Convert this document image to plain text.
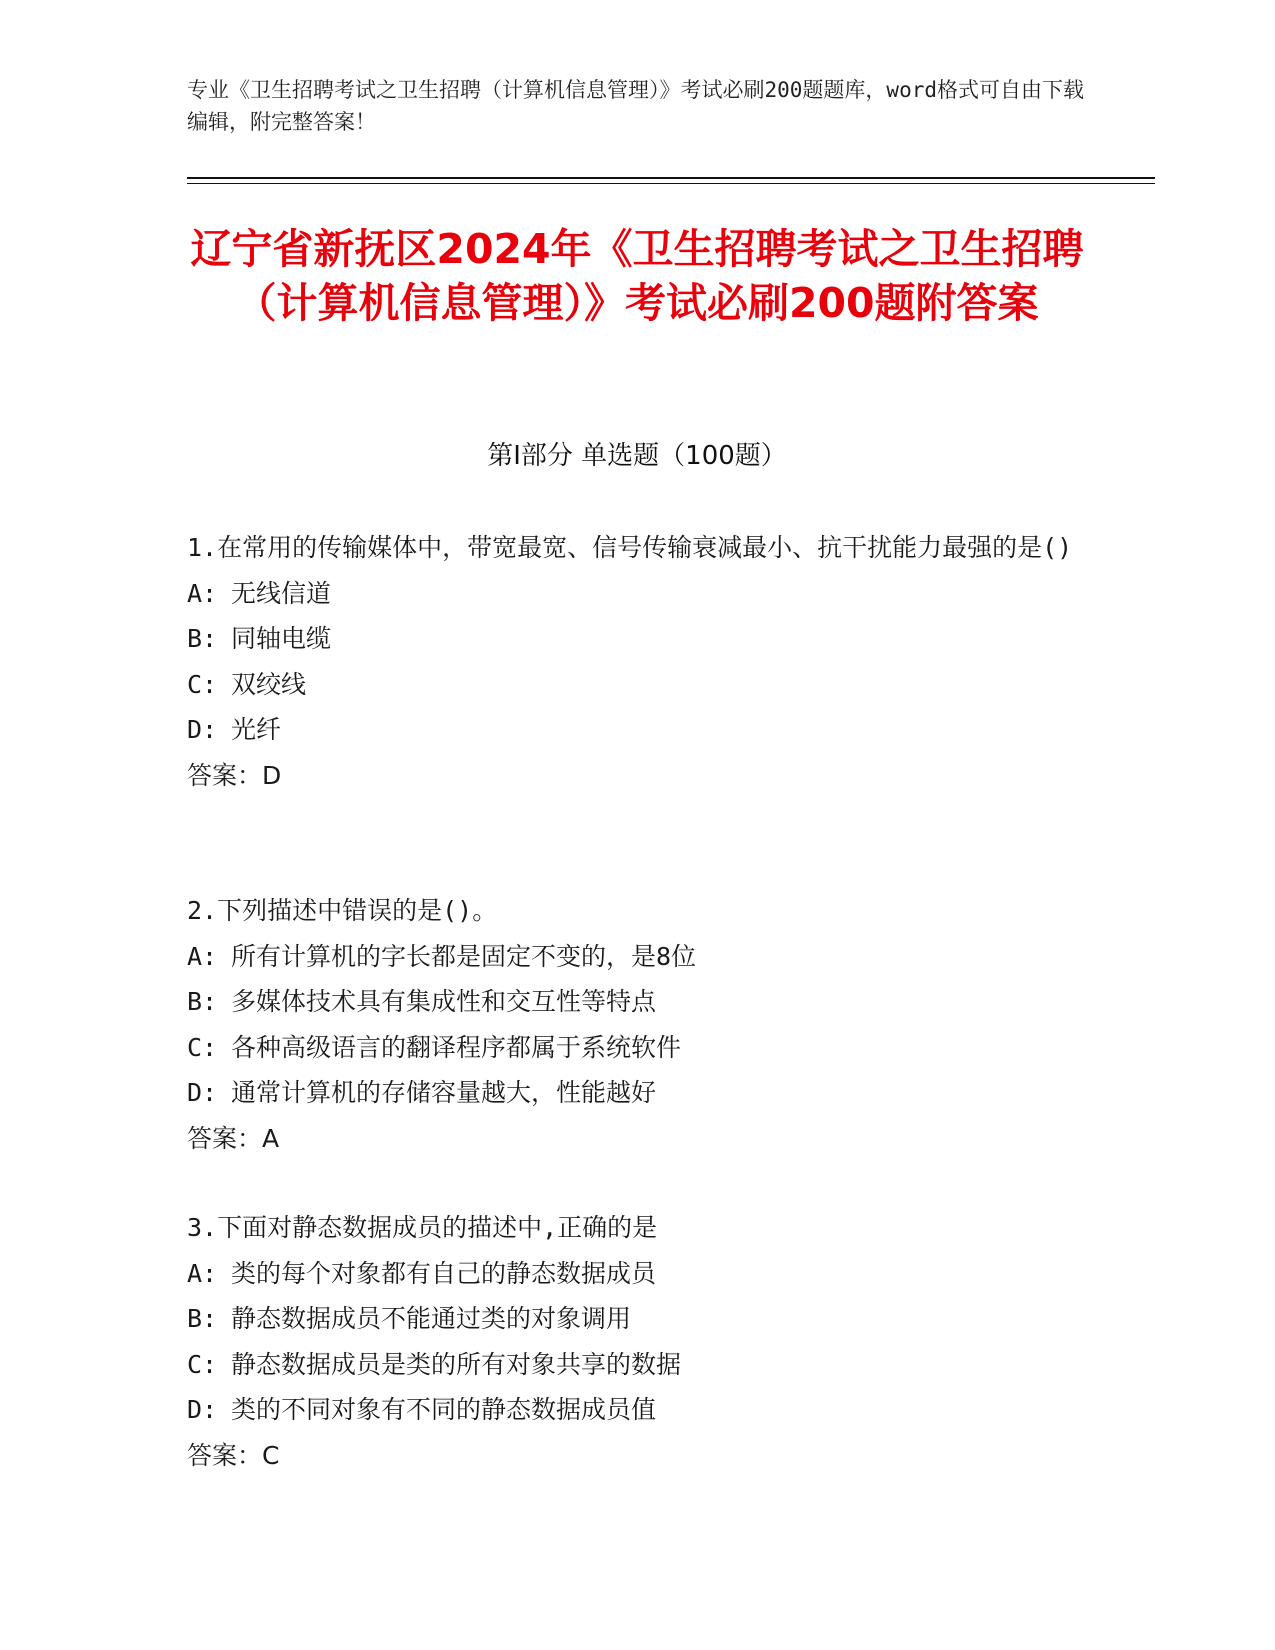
专业《卫生招聘考试之卫生招聘（计算机信息管理）》考试必刷200题题库，word格式可自由下载编辑，附完整答案！
辽宁省新抚区2024年《卫生招聘考试之卫生招聘（计算机信息管理）》考试必刷200题附答案
第Ⅰ部分 单选题（100题）

1.在常用的传输媒体中，带宽最宽、信号传输衰减最小、抗干扰能力最强的是()

A: 无线信道

B: 同轴电缆

C: 双绞线

D: 光纤

答案：D

2.下列描述中错误的是()。

A: 所有计算机的字长都是固定不变的，是8位

B: 多媒体技术具有集成性和交互性等特点

C: 各种高级语言的翻译程序都属于系统软件

D: 通常计算机的存储容量越大，性能越好

答案：A

3.下面对静态数据成员的描述中,正确的是

A: 类的每个对象都有自己的静态数据成员

B: 静态数据成员不能通过类的对象调用

C: 静态数据成员是类的所有对象共享的数据

D: 类的不同对象有不同的静态数据成员值

答案：C
